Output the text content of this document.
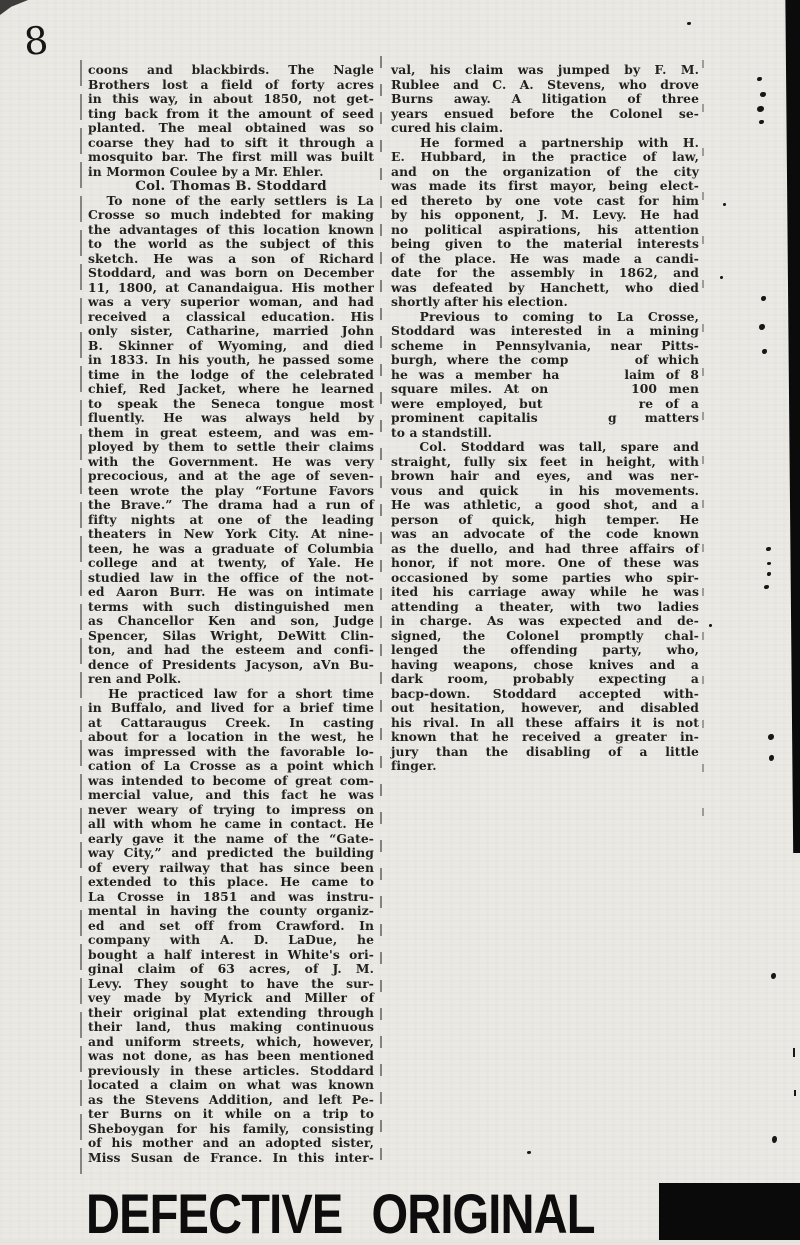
8
coons and blackbirds. The Nagle
Brothers lost a field of forty acres
in this way, in about 1850, not get-
ting back from it the amount of seed
planted. The meal obtained was so
coarse they had to sift it through a
mosquito bar. The first mill was built
in Mormon Coulee by a Mr. Ehler.
Col. Thomas B. Stoddard
To none of the early settlers is La
Crosse so much indebted for making
the advantages of this location known
to the world as the subject of this
sketch. He was a son of Richard
Stoddard, and was born on December
11, 1800, at Canandaigua. His mother
was a very superior woman, and had
received a classical education. His
only sister, Catharine, married John
B. Skinner of Wyoming, and died
in 1833. In his youth, he passed some
time in the lodge of the celebrated
chief, Red Jacket, where he learned
to speak the Seneca tongue most
fluently. He was always held by
them in great esteem, and was em-
ployed by them to settle their claims
with the Government. He was very
precocious, and at the age of seven-
teen wrote the play “Fortune Favors
the Brave.” The drama had a run of
fifty nights at one of the leading
theaters in New York City. At nine-
teen, he was a graduate of Columbia
college and at twenty, of Yale. He
studied law in the office of the not-
ed Aaron Burr. He was on intimate
terms with such distinguished men
as Chancellor Ken and son, Judge
Spencer, Silas Wright, DeWitt Clin-
ton, and had the esteem and confi-
dence of Presidents Jacyson, aVn Bu-
ren and Polk.
He practiced law for a short time
in Buffalo, and lived for a brief time
at Cattaraugus Creek. In casting
about for a location in the west, he
was impressed with the favorable lo-
cation of La Crosse as a point which
was intended to become of great com-
mercial value, and this fact he was
never weary of trying to impress on
all with whom he came in contact. He
early gave it the name of the “Gate-
way City,” and predicted the building
of every railway that has since been
extended to this place. He came to
La Crosse in 1851 and was instru-
mental in having the county organiz-
ed and set off from Crawford. In
company with A. D. LaDue, he
bought a half interest in White's ori-
ginal claim of 63 acres, of J. M.
Levy. They sought to have the sur-
vey made by Myrick and Miller of
their original plat extending through
their land, thus making continuous
and uniform streets, which, however,
was not done, as has been mentioned
previously in these articles. Stoddard
located a claim on what was known
as the Stevens Addition, and left Pe-
ter Burns on it while on a trip to
Sheboygan for his family, consisting
of his mother and an adopted sister,
Miss Susan de France. In this inter-
val, his claim was jumped by F. M.
Rublee and C. A. Stevens, who drove
Burns away. A litigation of three
years ensued before the Colonel se-
cured his claim.
He formed a partnership with H.
E. Hubbard, in the practice of law,
and on the organization of the city
was made its first mayor, being elect-
ed thereto by one vote cast for him
by his opponent, J. M. Levy. He had
no political aspirations, his attention
being given to the material interests
of the place. He was made a candi-
date for the assembly in 1862, and
was defeated by Hanchett, who died
shortly after his election.
Previous to coming to La Crosse,
Stoddard was interested in a mining
scheme in Pennsylvania, near Pitts-
burgh, where the comp       of which
he was a member ha      laim of 8
square miles. At on       100 men
were employed, but        re of a
prominent capitalis     g  matters
to a standstill.
Col. Stoddard was tall, spare and
straight, fully six feet in height, with
brown hair and eyes, and was ner-
vous and quick  in his movements.
He was athletic, a good shot, and a
person of quick, high temper. He
was an advocate of the code known
as the duello, and had three affairs of
honor, if not more. One of these was
occasioned by some parties who spir-
ited his carriage away while he was
attending a theater, with two ladies
in charge. As was expected and de-
signed, the Colonel promptly chal-
lenged the offending party, who,
having weapons, chose knives and a
dark room, probably expecting a
bacp-down. Stoddard accepted with-
out hesitation, however, and disabled
his rival. In all these affairs it is not
known that he received a greater in-
jury than the disabling of a little
finger.
DEFECTIVE ORIGINAL
